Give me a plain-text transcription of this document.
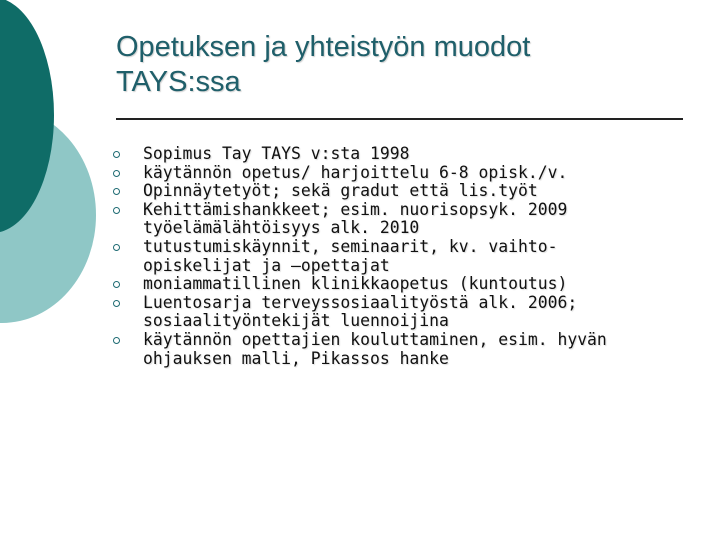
Opetuksen ja yhteistyön muodot
TAYS:ssa
Sopimus Tay TAYS v:sta 1998
käytännön opetus/ harjoittelu 6-8 opisk./v.
Opinnäytetyöt; sekä gradut että lis.työt
Kehittämishankkeet; esim. nuorisopsyk. 2009
työelämälähtöisyys alk. 2010
tutustumiskäynnit, seminaarit, kv. vaihto-
opiskelijat ja –opettajat
moniammatillinen klinikkaopetus (kuntoutus)
Luentosarja terveyssosiaalityöstä alk. 2006;
sosiaalityöntekijät luennoijina
käytännön opettajien kouluttaminen, esim. hyvän
ohjauksen malli, Pikassos hanke
